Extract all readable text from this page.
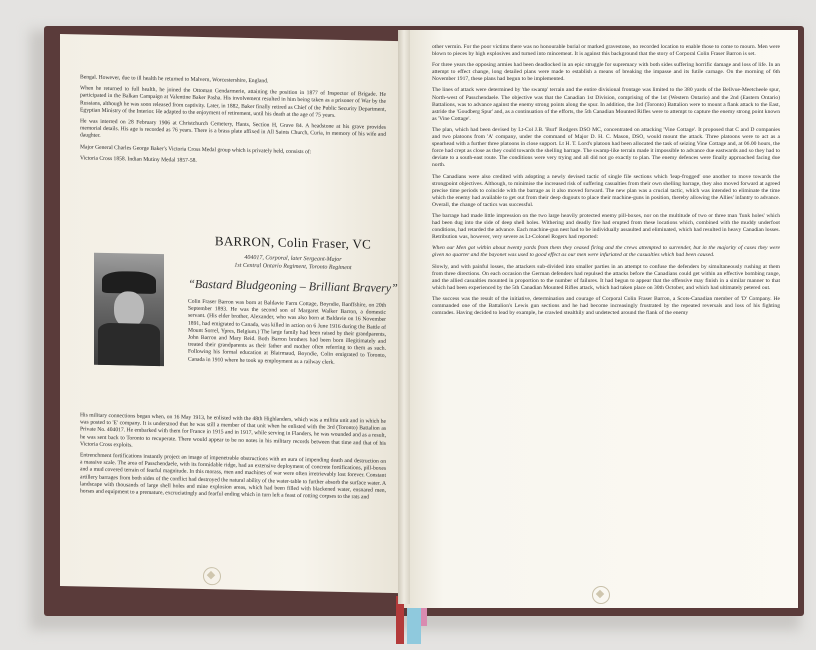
Bengal. However, due to ill health he returned to Malvern, Worcestershire, England.

When he returned to full health, he joined the Ottoman Gendarmerie, attaining the position in 1877 of Inspector of Brigade. He participated in the Balkan Campaign at Valentine Baker Pasha. His involvement resulted in him being taken as a prisoner of War by the Russians, although he was soon released from captivity. Later, in 1882, Baker finally retired as Chief of the Public Security Department, Egyptian Ministry of the Interior. He adapted to the enjoyment of retirement, until his death at the age of 75 years.

He was interred on 28 February 1906 at Christchurch Cemetery, Hants, Section H, Grave 84. A headstone at his grave provides memorial details. His age is recorded as 76 years. There is a brass plate affixed in All Saints Church, Curia, in memory of his wife and daughter.

Major General Charles George Baker's Victoria Cross Medal group which is privately held, consists of:

Victoria Cross 1858. Indian Mutiny Medal 1857-58.

BARRON, Colin Fraser, VC
404017, Corporal, later Sergeant-Major
1st Central Ontario Regiment, Toronto Regiment
“Bastard Bludgeoning – Brilliant Bravery”

Colin Fraser Barron was born at Baldavie Farm Cottage, Boyndie, Banffshire, on 20th September 1893. He was the second son of Margaret Walker Barron, a domestic servant. (His elder brother, Alexander, who was also born at Baldavie on 16 November 1891, had emigrated to Canada, was killed in action on 6 June 1916 during the Battle of Mount Sorrel, Ypres, Belgium.) The large family had been raised by their grandparents, John Barron and Mary Reid. Both Barron brothers had been born illegitimately and treated their grandparents as their father and mother often referring to them as such. Following his formal education at Blairmaud, Boyndie, Colin emigrated to Toronto, Canada in 1910 where he took up employment as a railway clerk.

His military connections began when, on 16 May 1913, he enlisted with the 48th Highlanders, which was a militia unit and in which he was posted to 'E' company. It is understood that he was still a member of that unit when he enlisted with the 3rd (Toronto) Battalion as Private No. 404017. He embarked with them for France in 1915 and in 1917, while serving in Flanders, he was wounded and as a result, he was sent back to Toronto to recuperate. There would appear to be no notes in his military records between that time and that of his Victoria Cross exploits.

Entrenchment fortifications instantly project an image of impenetrable obstructions with an aura of impending death and destruction on a massive scale. The area of Passchendaele, with its formidable ridge, had an extensive deployment of concrete fortifications, pill-boxes and a mud covered terrain of fearful magnitude. In this morass, men and machines of war were often irretrievably lost forever. Constant artillery barrages from both sides of the conflict had destroyed the natural ability of the water-table to further absorb the surface water. A landscape with thousands of large shell holes and mine explosion areas, which had been filled with blackened water, ensnared men, horses and equipment to a premature, excruciatingly and fearful ending which in turn left a feast of rotting corpses to the rats and

other vermin. For the poor victims there was no honourable burial or marked gravestone, no recorded location to enable those to come to mourn. Men were blown to pieces by high explosives and turned into mincemeat. It is against this background that the story of Corporal Colin Fraser Barron is set.

For three years the opposing armies had been deadlocked in an epic struggle for supremacy with both sides suffering horrific damage and loss of life. In an attempt to effect change, long detailed plans were made to establish a means of breaking the impasse and its futile carnage. On the morning of 6th November 1917, these plans had begun to be implemented.

The lines of attack were determined by 'the swamp' terrain and the entire divisional frontage was limited to the 380 yards of the Bellvue-Meetcheele spur, North-west of Passchendaele. The objective was that the Canadian 1st Division, comprising of the 1st (Western Ontario) and the 2nd (Eastern Ontario) Battalions, was to advance against the enemy strong points along the spur. In addition, the 3rd (Toronto) Battalion were to mount a flank attack to the East, astride the 'Goudberg Spur' and, as a continuation of the efforts, the 5th Canadian Mounted Rifles were to attempt to capture the enemy strong point known as 'Vine Cottage'.

The plan, which had been devised by Lt-Col J.B. 'Burf' Rodgers DSO MC, concentrated on attacking 'Vine Cottage'. It proposed that C and D companies and two platoons from 'A' company, under the command of Major D. H. C. Mason, DSO, would mount the attack. Three platoons were to act as a spearhead with a further three platoons in close support. Lt H. T. Lord's platoon had been allocated the task of seizing Vine Cottage and, at 06.00 hours, the force had crept as close as they could towards the shelling barrage. The swamp-like terrain made it impossible to advance due eastwards and so they had to deviate to a south-east route. The conditions were very trying and all did not go exactly to plan. The enemy defences were finally approached facing due north.

The Canadians were also credited with adopting a newly devised tactic of single file sections which 'leap-frogged' one another to move towards the strongpoint objectives. Although, to minimise the increased risk of suffering casualties from their own shelling barrage, they also moved forward at agreed precise time periods to coincide with the barrage as it also moved forward. The new plan was a crucial tactic, which was intended to eliminate the time which the enemy had available to get out from their deep dugouts to place their machine-guns in position, thereby allowing the Allies' infantry to advance. Overall, the change of tactics was successful.

The barrage had made little impression on the two large heavily protected enemy pill-boxes, nor on the multitude of two or three man 'funk holes' which had been dug into the side of deep shell holes. Withering and deadly fire had erupted from these locations which, combined with the muddy underfoot conditions, had retarded the advance. Each machine-gun nest had to be individually assaulted and eliminated, which had resulted in heavy Canadian losses. Retribution was, however, very severe as Lt-Colonel Rogers had reported:

When our Men got within about twenty yards from them they ceased firing and the crews attempted to surrender, but in the majority of cases they were given no quarter and the bayonet was used to good effect as our men were infuriated at the casualties which had been caused.

Slowly, and with painful losses, the attackers sub-divided into smaller parties in an attempt to confuse the defenders by simultaneously rushing at them from three directions. On each occasion the German defenders had repulsed the attacks before the Canadians could get within an effective bombing range, and the allied casualties mounted in proportion to the number of failures. It had begun to appear that the offensive may finish in a similar manner to that which had been experienced by the 5th Canadian Mounted Rifles attack, which had taken place on 30th October, and which had ultimately petered out.

The success was the result of the initiative, determination and courage of Corporal Colin Fraser Barron, a Scots-Canadian member of 'D' Company. He commanded one of the Battalion's Lewis gun sections and he had become increasingly frustrated by the repeated reversals and loss of his fighting comrades. Having decided to lead by example, he crawled stealthily and undetected around the flank of the enemy
